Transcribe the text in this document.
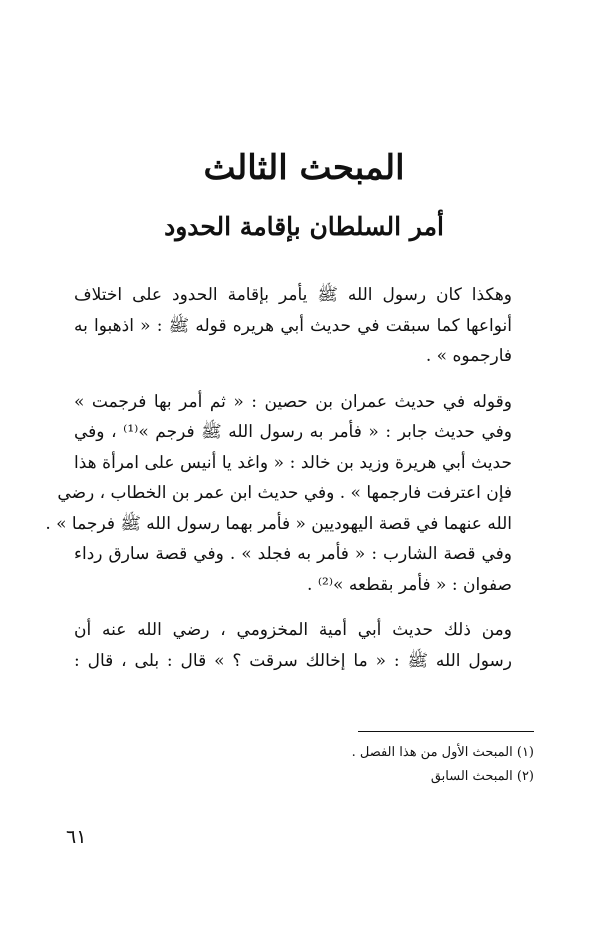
المبحث الثالث
أمر السلطان بإقامة الحدود

وهكذا كان رسول الله ﷺ يأمر بإقامة الحدود على اختلاف
أنواعها كما سبقت في حديث أبي هريره قوله ﷺ : « اذهبوا به
فارجموه » .

وقوله في حديث عمران بن حصين : « ثم أمر بها فرجمت »
وفي حديث جابر : « فأمر به رسول الله ﷺ فرجم »⁽¹⁾ ، وفي
حديث أبي هريرة وزيد بن خالد : « واغد يا أنيس على امرأة هذا
فإن اعترفت فارجمها » . وفي حديث ابن عمر بن الخطاب ، رضي
الله عنهما في قصة اليهوديين « فأمر بهما رسول الله ﷺ فرجما » .
وفي قصة الشارب : « فأمر به فجلد » . وفي قصة سارق رداء
صفوان : « فأمر بقطعه »⁽²⁾ .

ومن ذلك حديث أبي أمية المخزومي ، رضي الله عنه أن
رسول الله ﷺ : « ما إخالك سرقت ؟ » قال : بلى ، قال :

(١) المبحث الأول من هذا الفصل .
(٢) المبحث السابق
٦١
